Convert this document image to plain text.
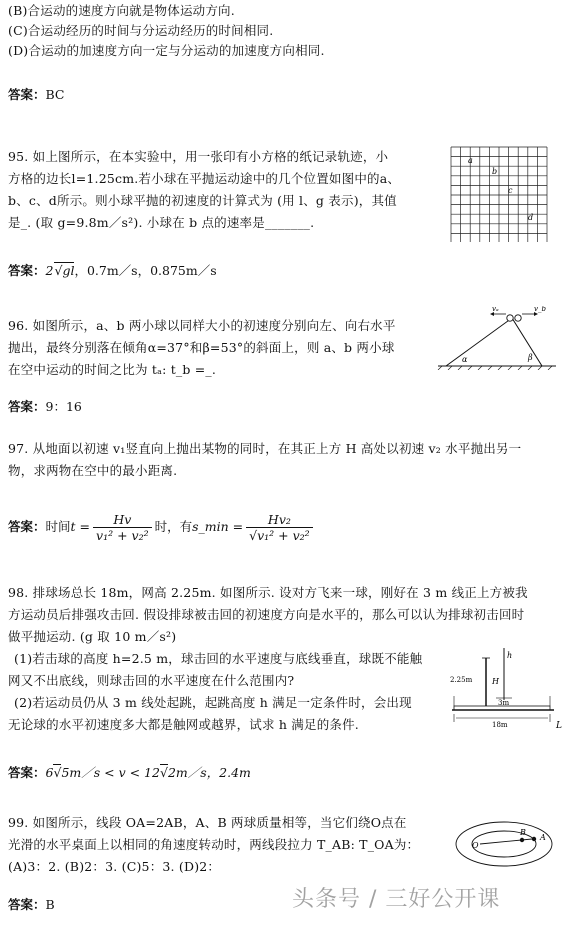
(B)合运动的速度方向就是物体运动方向.
(C)合运动经历的时间与分运动经历的时间相同.
(D)合运动的加速度方向一定与分运动的加速度方向相同.
答案：BC
95. 如上图所示，在本实验中，用一张印有小方格的纸记录轨迹，小
方格的边长l=1.25cm.若小球在平抛运动途中的几个位置如图中的a、
b、c、d所示。则小球平抛的初速度的计算式为 (用 l、g 表示)，其值
是_. (取 g=9.8m／s²). 小球在 b 点的速率是_______.
a
b
c
d
答案：2√gl，0.7m／s，0.875m／s
96. 如图所示，a、b 两小球以同样大小的初速度分别向左、向右水平
抛出，最终分别落在倾角α=37°和β=53°的斜面上，则 a、b 两小球
在空中运动的时间之比为 tₐ: t_b =_.
vₐ	v_b
α	β
答案：9：16
97. 从地面以初速 v₁竖直向上抛出某物的同时，在其正上方 H 高处以初速 v₂ 水平抛出另一
物，求两物在空中的最小距离.
答案：时间$t = \frac{Hv}{\text{v₁² + v₂²}}$ 时，有s_min = $\frac{\text{Hv₂}}{\text{√v₁² + v₂²}}$
98. 排球场总长 18m，网高 2.25m. 如图所示. 设对方飞来一球，刚好在 3 m 线正上方被我
方运动员后排强攻击回. 假设排球被击回的初速度方向是水平的，那么可以认为排球初击回时
做平抛运动. (g 取 10 m／s²)
(1)若击球的高度 h=2.5 m，球击回的水平速度与底线垂直，球既不能触
网又不出底线，则球击回的水平速度在什么范围内?
(2)若运动员仍从 3 m 线处起跳，起跳高度 h 满足一定条件时，会出现
无论球的水平初速度多大都是触网或越界，试求 h 满足的条件.
2.25m H
h
3m
18m	L
答案：6√5m／s < v < 12√2m／s，2.4m
99. 如图所示，线段 OA=2AB，A、B 两球质量相等，当它们绕O点在
光滑的水平桌面上以相同的角速度转动时，两线段拉力 T_AB: T_OA为：
(A)3：2. (B)2：3. (C)5：3. (D)2：
O
B
A
答案：B	头条号 / 三好公开课
